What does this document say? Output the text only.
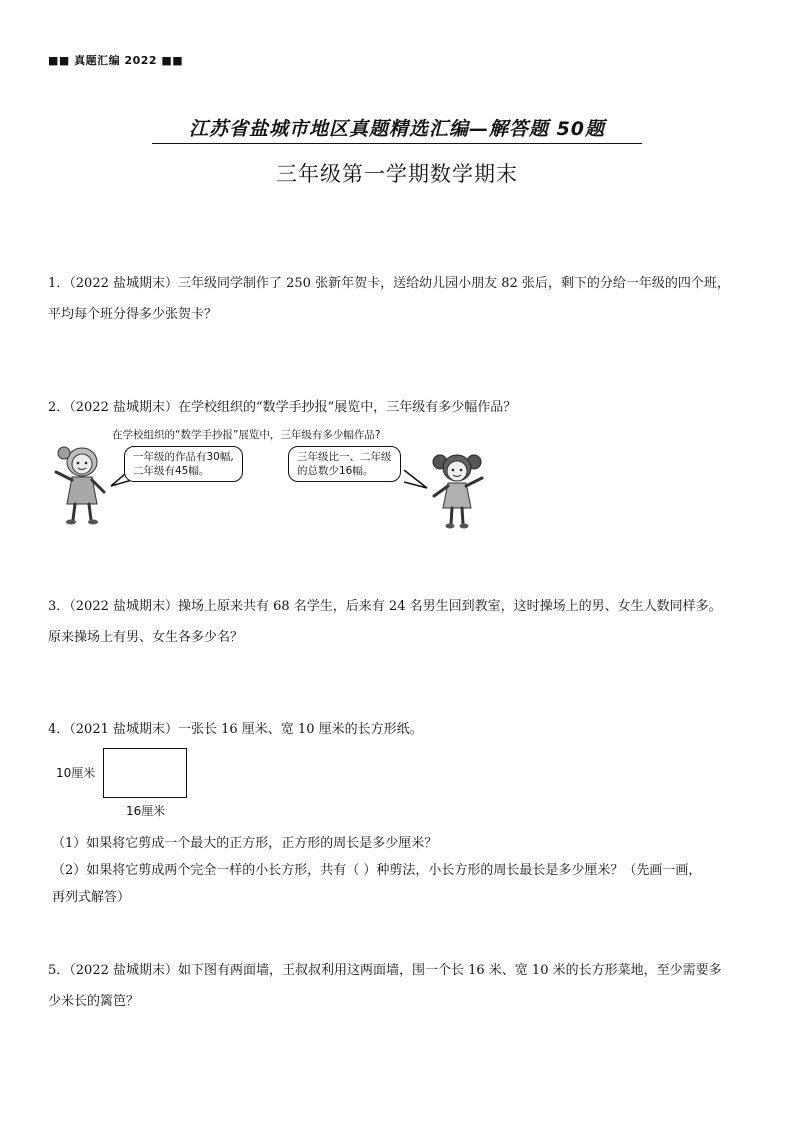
■■ 真题汇编 2022 ■■
江苏省盐城市地区真题精选汇编—解答题 50题
三年级第一学期数学期末
1．（2022 盐城期末）三年级同学制作了 250 张新年贺卡，送给幼儿园小朋友 82 张后，剩下的分给一年级的四个班，
平均每个班分得多少张贺卡？
2．（2022 盐城期末）在学校组织的“数学手抄报”展览中，三年级有多少幅作品？
在学校组织的“数学手抄报”展览中，三年级有多少幅作品?
一年级的作品有30幅,
二年级有45幅。
三年级比一、二年级
的总数少16幅。
3．（2022 盐城期末）操场上原来共有 68 名学生，后来有 24 名男生回到教室，这时操场上的男、女生人数同样多。
原来操场上有男、女生各多少名？
4．（2021 盐城期末）一张长 16 厘米、宽 10 厘米的长方形纸。
10厘米
16厘米
（1）如果将它剪成一个最大的正方形，正方形的周长是多少厘米？
（2）如果将它剪成两个完全一样的小长方形，共有（ ）种剪法，小长方形的周长最长是多少厘米？（先画一画，
再列式解答）
5．（2022 盐城期末）如下图有两面墙，王叔叔利用这两面墙，围一个长 16 米、宽 10 米的长方形菜地，至少需要多
少米长的篱笆？
